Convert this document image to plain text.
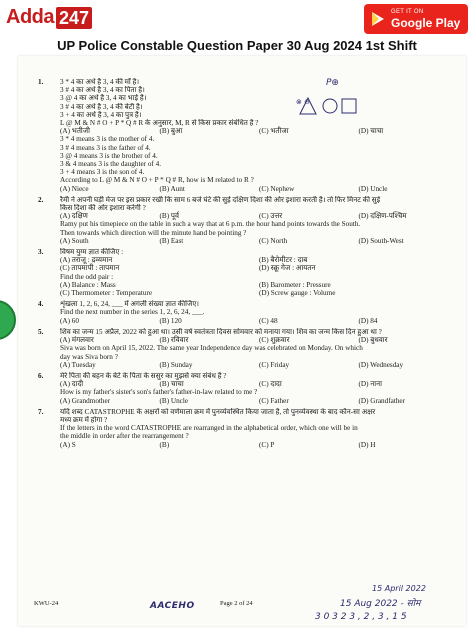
Adda 247	GET IT ON
Google Play
UP Police Constable Question Paper 30 Aug 2024 1st Shift
P⊕
⊗ ⊖
1.	3 * 4 का अर्थ है 3, 4 की माँ है।
3 # 4 का अर्थ है 3, 4 का पिता है।
3 @ 4 का अर्थ है 3, 4 का भाई है।
3 # 4 का अर्थ है 3, 4 की बेटी है।
3 + 4 का अर्थ है 3, 4 का पुत्र है।
L @ M & N # O + P * Q # R के अनुसार, M, R से किस प्रकार संबंधित है ?
(A) भतीजी	(B) बुआ	(C) भतीजा	(D) चाचा
3 * 4 means 3 is the mother of 4.
3 # 4 means 3 is the father of 4.
3 @ 4 means 3 is the brother of 4.
3 & 4 means 3 is the daughter of 4.
3 + 4 means 3 is the son of 4.
According to L @ M & N # O + P * Q # R, how is M related to R ?
(A) Niece	(B) Aunt	(C) Nephew	(D) Uncle
2.	रैमी ने अपनी घड़ी मेज पर इस प्रकार रखी कि साम 6 बजे घंटे की सुई दक्षिण दिशा की ओर इशारा करती है। तो फिर मिनट की सुई
किस दिशा की ओर इशारा करेगी ?
(A) दक्षिण	(B) पूर्व	(C) उत्तर	(D) दक्षिण-पश्चिम
Ramy put his timepiece on the table in such a way that at 6 p.m. the hour hand points towards the South.
Then towards which direction will the minute hand be pointing ?
(A) South	(B) East	(C) North	(D) South-West
3.	विषम युग्म ज्ञात कीजिए :
(A) तराजू : द्रव्यमान	(B) बैरोमीटर : दाब
(C) तापमापी : तापमान	(D) स्क्रू गेज : आयतन
Find the odd pair :
(A) Balance : Mass	(B) Barometer : Pressure
(C) Thermometer : Temperature	(D) Screw gauge : Volume
4.	शृंखला 1, 2, 6, 24, ___ में अगली संख्या ज्ञात कीजिए।
Find the next number in the series 1, 2, 6, 24, ___.
(A) 60	(B) 120	(C) 48	(D) 84
5.	शिव का जन्म 15 अप्रैल, 2022 को हुआ था। उसी वर्ष स्वतंत्रता दिवस सोमवार को मनाया गया। शिव का जन्म किस दिन हुआ था ?
(A) मंगलवार	(B) रविवार	(C) शुक्रवार	(D) बुधवार
Siva was born on April 15, 2022. The same year Independence day was celebrated on Monday. On which
day was Siva born ?
(A) Tuesday	(B) Sunday	(C) Friday	(D) Wednesday
6.	मेरे पिता की बहन के बेटे के पिता के ससुर का मुझसे क्या संबंध है ?
(A) दादी	(B) चाचा	(C) दादा	(D) नाना
How is my father's sister's son's father's father-in-law related to me ?
(A) Grandmother	(B) Uncle	(C) Father	(D) Grandfather
7.	यदि शब्द CATASTROPHE के अक्षरों को वर्णमाला क्रम में पुनर्व्यवस्थित किया जाता है, तो पुनर्व्यवस्था के बाद कौन-सा अक्षर
मध्य क्रम में होगा ?
If the letters in the word CATASTROPHE are rearranged in the alphabetical order, which one will be in
the middle in order after the rearrangement ?
(A) S	(B)	(C) P	(D) H
KWU-24	Page 2 of 24
AACEHO
15 April 2022
15 Aug 2022 - सोम
3 0 3 2 3 , 2 , 3 , 1 5
